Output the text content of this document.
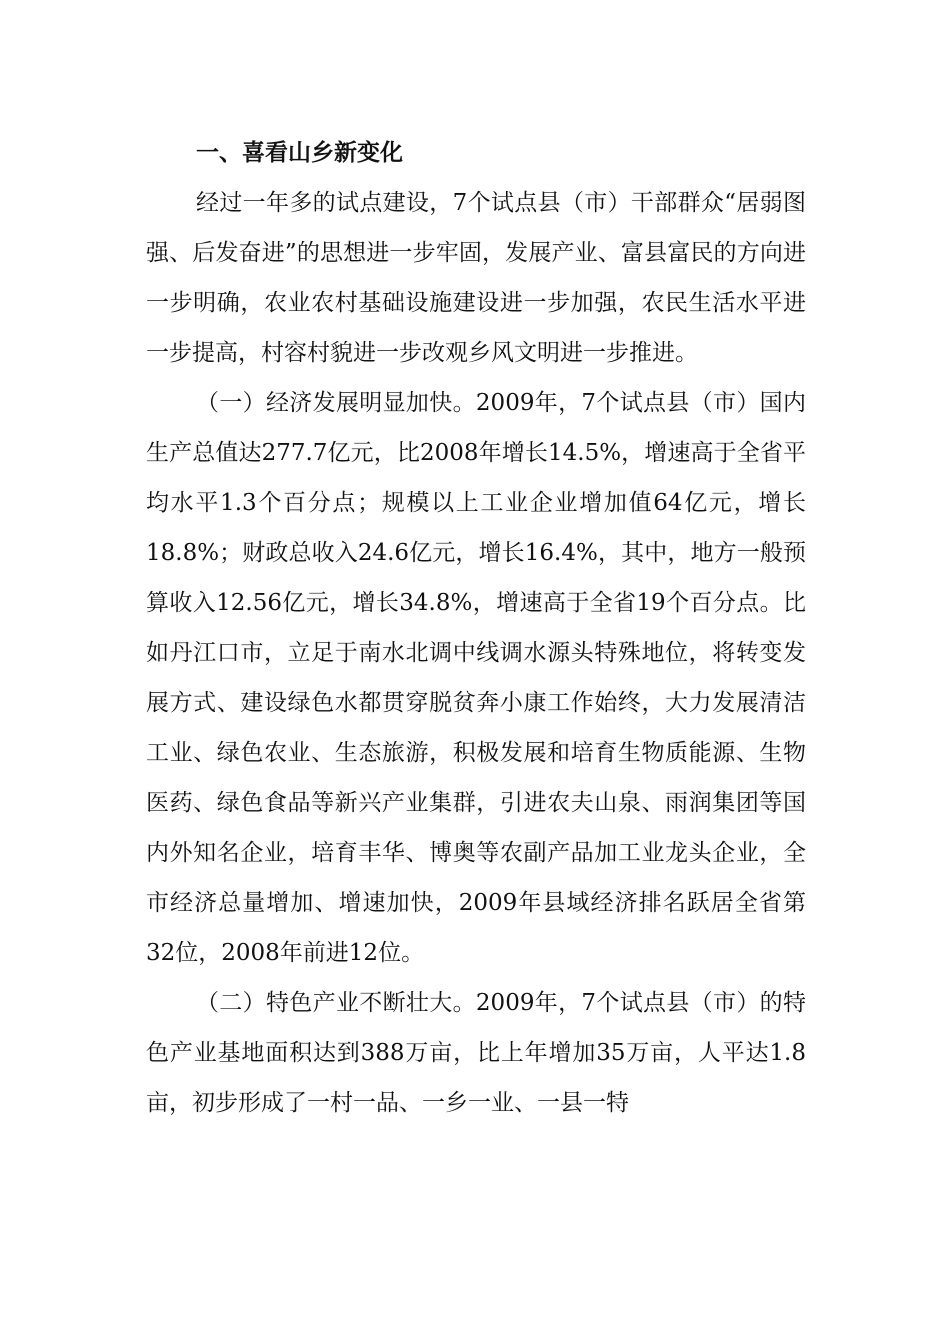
一、喜看山乡新变化

经过一年多的试点建设，7个试点县（市）干部群众“居弱图强、后发奋进”的思想进一步牢固，发展产业、富县富民的方向进一步明确，农业农村基础设施建设进一步加强，农民生活水平进一步提高，村容村貌进一步改观乡风文明进一步推进。

（一）经济发展明显加快。2009年，7个试点县（市）国内生产总值达277.7亿元，比2008年增长14.5%，增速高于全省平均水平1.3个百分点；规模以上工业企业增加值64亿元，增长18.8%；财政总收入24.6亿元，增长16.4%，其中，地方一般预算收入12.56亿元，增长34.8%，增速高于全省19个百分点。比如丹江口市，立足于南水北调中线调水源头特殊地位，将转变发展方式、建设绿色水都贯穿脱贫奔小康工作始终，大力发展清洁工业、绿色农业、生态旅游，积极发展和培育生物质能源、生物医药、绿色食品等新兴产业集群，引进农夫山泉、雨润集团等国内外知名企业，培育丰华、博奥等农副产品加工业龙头企业，全市经济总量增加、增速加快，2009年县域经济排名跃居全省第32位，2008年前进12位。

（二）特色产业不断壮大。2009年，7个试点县（市）的特色产业基地面积达到388万亩，比上年增加35万亩，人平达1.8亩，初步形成了一村一品、一乡一业、一县一特
